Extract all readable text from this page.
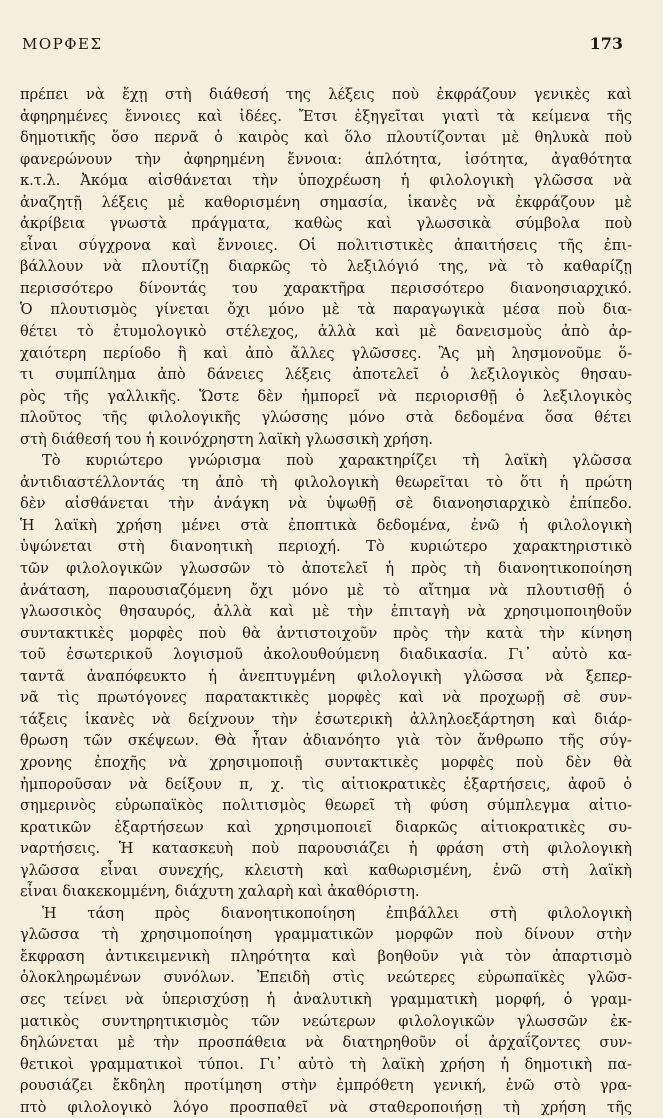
ΜΟΡΦΕΣ	173
πρέπει νὰ ἔχῃ στὴ διάθεσή της λέξεις ποὺ ἐκφράζουν γενικὲς καὶ
ἀφηρημένες ἔννοιες καὶ ἰδέες. Ἔτσι ἐξηγεῖται γιατὶ τὰ κείμενα τῆς
δημοτικῆς ὅσο περνᾶ ὁ καιρὸς καὶ ὅλο πλουτίζονται μὲ θηλυκὰ ποὺ
φανερώνουν τὴν ἀφηρημένη ἔννοια: ἁπλότητα, ἰσότητα, ἀγαθότητα
κ.τ.λ. Ἀκόμα αἰσθάνεται τὴν ὑποχρέωση ἡ φιλολογικὴ γλῶσσα νὰ
ἀναζητῇ λέξεις μὲ καθορισμένη σημασία, ἱκανὲς νὰ ἐκφράζουν μὲ
ἀκρίβεια γνωστὰ πράγματα, καθὼς καὶ γλωσσικὰ σύμβολα ποὺ
εἶναι σύγχρονα καὶ ἔννοιες. Οἱ πολιτιστικὲς ἀπαιτήσεις τῆς ἐπι-
βάλλουν νὰ πλουτίζῃ διαρκῶς τὸ λεξιλόγιό της, νὰ τὸ καθαρίζῃ
περισσότερο δίνοντάς του χαρακτῆρα περισσότερο διανοησιαρχικό.
Ὁ πλουτισμὸς γίνεται ὄχι μόνο μὲ τὰ παραγωγικὰ μέσα ποὺ δια-
θέτει τὸ ἐτυμολογικὸ στέλεχος, ἀλλὰ καὶ μὲ δανεισμοὺς ἀπὸ ἀρ-
χαιότερη περίοδο ἢ καὶ ἀπὸ ἄλλες γλῶσσες. Ἂς μὴ λησμονοῦμε ὅ-
τι συμπίλημα ἀπὸ δάνειες λέξεις ἀποτελεῖ ὁ λεξιλογικὸς θησαυ-
ρὸς τῆς γαλλικῆς. Ὥστε δὲν ἠμπορεῖ νὰ περιορισθῇ ὁ λεξιλογικὸς
πλοῦτος τῆς φιλολογικῆς γλώσσης μόνο στὰ δεδομένα ὅσα θέτει
στὴ διάθεσή του ἡ κοινόχρηστη λαϊκὴ γλωσσικὴ χρήση.
Τὸ κυριώτερο γνώρισμα ποὺ χαρακτηρίζει τὴ λαϊκὴ γλῶσσα
ἀντιδιαστέλλοντάς τη ἀπὸ τὴ φιλολογικὴ θεωρεῖται τὸ ὅτι ἡ πρώτη
δὲν αἰσθάνεται τὴν ἀνάγκη νὰ ὑψωθῇ σὲ διανοησιαρχικὸ ἐπίπεδο.
Ἡ λαϊκὴ χρήση μένει στὰ ἐποπτικὰ δεδομένα, ἐνῶ ἡ φιλολογικὴ
ὑψώνεται στὴ διανοητικὴ περιοχή. Τὸ κυριώτερο χαρακτηριστικὸ
τῶν φιλολογικῶν γλωσσῶν τὸ ἀποτελεῖ ἡ πρὸς τὴ διανοητικοποίηση
ἀνάταση, παρουσιαζόμενη ὄχι μόνο μὲ τὸ αἴτημα νὰ πλουτισθῇ ὁ
γλωσσικὸς θησαυρός, ἀλλὰ καὶ μὲ τὴν ἐπιταγὴ νὰ χρησιμοποιηθοῦν
συντακτικὲς μορφὲς ποὺ θὰ ἀντιστοιχοῦν πρὸς τὴν κατὰ τὴν κίνηση
τοῦ ἐσωτερικοῦ λογισμοῦ ἀκολουθούμενη διαδικασία. Γι᾿ αὐτὸ κα-
ταντᾶ ἀναπόφευκτο ἡ ἀνεπτυγμένη φιλολογικὴ γλῶσσα νὰ ξεπερ-
νᾶ τὶς πρωτόγονες παρατακτικὲς μορφὲς καὶ νὰ προχωρῇ σὲ συν-
τάξεις ἱκανὲς νὰ δείχνουν τὴν ἐσωτερικὴ ἀλληλοεξάρτηση καὶ διάρ-
θρωση τῶν σκέψεων. Θὰ ἦταν ἀδιανόητο γιὰ τὸν ἄνθρωπο τῆς σύγ-
χρονης ἐποχῆς νὰ χρησιμοποιῇ συντακτικὲς μορφὲς ποὺ δὲν θὰ
ἠμποροῦσαν νὰ δείξουν π, χ. τὶς αἰτιοκρατικὲς ἐξαρτήσεις, ἀφοῦ ὁ
σημερινὸς εὐρωπαϊκὸς πολιτισμὸς θεωρεῖ τὴ φύση σύμπλεγμα αἰτιο-
κρατικῶν ἐξαρτήσεων καὶ χρησιμοποιεῖ διαρκῶς αἰτιοκρατικὲς συ-
ναρτήσεις. Ἡ κατασκευὴ ποὺ παρουσιάζει ἡ φράση στὴ φιλολογικὴ
γλῶσσα εἶναι συνεχής, κλειστὴ καὶ καθωρισμένη, ἐνῶ στὴ λαϊκὴ
εἶναι διακεκομμένη, διάχυτη χαλαρὴ καὶ ἀκαθόριστη.
Ἡ τάση πρὸς διανοητικοποίηση ἐπιβάλλει στὴ φιλολογικὴ
γλῶσσα τὴ χρησιμοποίηση γραμματικῶν μορφῶν ποὺ δίνουν στὴν
ἔκφραση ἀντικειμενικὴ πληρότητα καὶ βοηθοῦν γιὰ τὸν ἀπαρτισμὸ
ὁλοκληρωμένων συνόλων. Ἐπειδὴ στὶς νεώτερες εὐρωπαϊκὲς γλῶσ-
σες τείνει νὰ ὑπερισχύσῃ ἡ ἀναλυτικὴ γραμματικὴ μορφή, ὁ γραμ-
ματικὸς συντηρητικισμὸς τῶν νεώτερων φιλολογικῶν γλωσσῶν ἐκ-
δηλώνεται μὲ τὴν προσπάθεια νὰ διατηρηθοῦν οἱ ἀρχαΐζοντες συν-
θετικοὶ γραμματικοὶ τύποι. Γι᾿ αὐτὸ τὴ λαϊκὴ χρήση ἡ δημοτικὴ πα-
ρουσιάζει ἔκδηλη προτίμηση στὴν ἐμπρόθετη γενική, ἐνῶ στὸ γρα-
πτὸ φιλολογικὸ λόγο προσπαθεῖ νὰ σταθεροποιήσῃ τὴ χρήση τῆς
